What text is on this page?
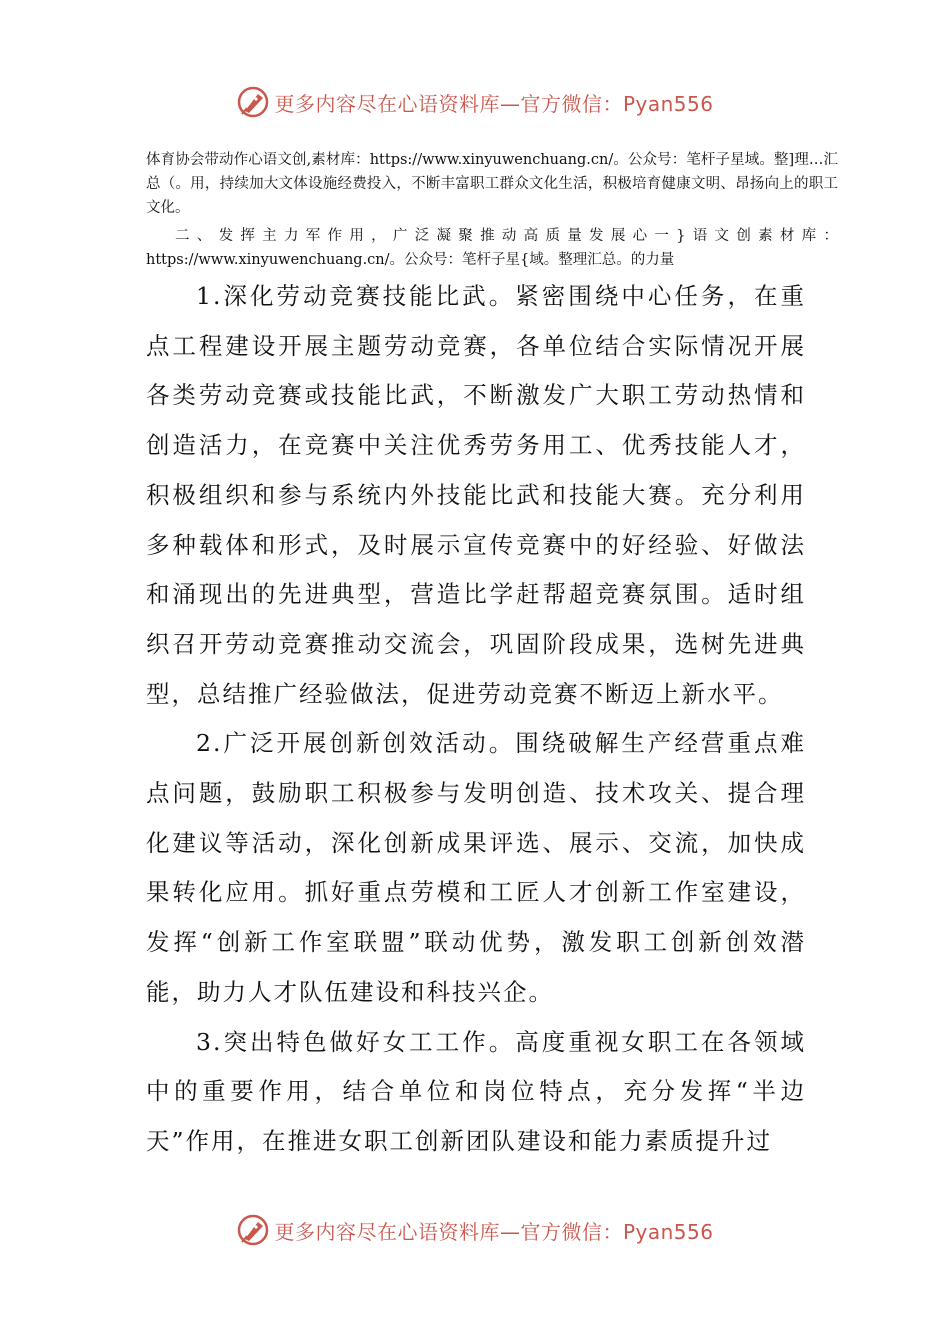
更多内容尽在心语资料库—官方微信：Pyan556

体育协会带动作心语文创,素材库：https://www.xinyuwenchuang.cn/。公众号：笔杆子星域。整]理…汇总（。用，持续加大文体设施经费投入，不断丰富职工群众文化生活，积极培育健康文明、昂扬向上的职工文化。

二、发挥主力军作用，广泛凝聚推动高质量发展心一}语文创素材库：https://www.xinyuwenchuang.cn/。公众号：笔杆子星{域。整理汇总。的力量

1.深化劳动竞赛技能比武。紧密围绕中心任务，在重点工程建设开展主题劳动竞赛，各单位结合实际情况开展各类劳动竞赛或技能比武，不断激发广大职工劳动热情和创造活力，在竞赛中关注优秀劳务用工、优秀技能人才，积极组织和参与系统内外技能比武和技能大赛。充分利用多种载体和形式，及时展示宣传竞赛中的好经验、好做法和涌现出的先进典型，营造比学赶帮超竞赛氛围。适时组织召开劳动竞赛推动交流会，巩固阶段成果，选树先进典型，总结推广经验做法，促进劳动竞赛不断迈上新水平。

2.广泛开展创新创效活动。围绕破解生产经营重点难点问题，鼓励职工积极参与发明创造、技术攻关、提合理化建议等活动，深化创新成果评选、展示、交流，加快成果转化应用。抓好重点劳模和工匠人才创新工作室建设，发挥“创新工作室联盟”联动优势，激发职工创新创效潜能，助力人才队伍建设和科技兴企。

3.突出特色做好女工工作。高度重视女职工在各领域中的重要作用，结合单位和岗位特点，充分发挥“半边天”作用，在推进女职工创新团队建设和能力素质提升过

更多内容尽在心语资料库—官方微信：Pyan556
